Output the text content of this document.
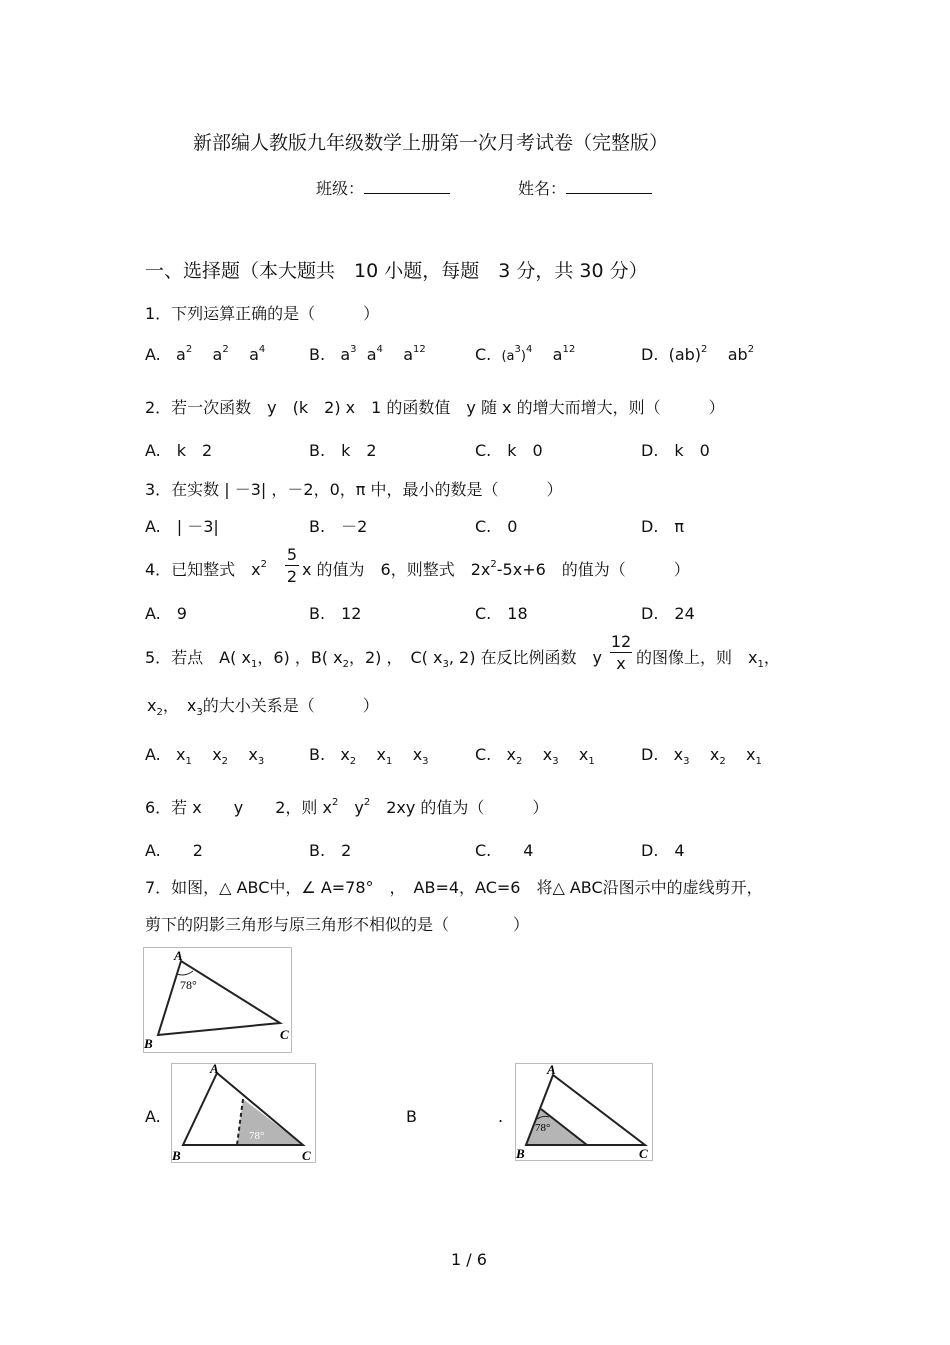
新部编人教版九年级数学上册第一次月考试卷（完整版）
班级：	姓名：
一、选择题（本大题共　10 小题，每题　3 分，共 30 分）
1．下列运算正确的是（　　　）
A. $a^2$ $a^2$ $a^4$	B. $a^3$ $a^4$ $a^{12}$	C. $(a^3)^4$ $a^{12}$	D. (ab)$^2$ $ab^2$
2．若一次函数　y　(k　2) x　1 的函数值　y 随 x 的增大而增大，则（　　　）
A.　k　2	B.　k　2	C.　k　0	D.　k　0
3．在实数 | －3| ，－2，0，π 中，最小的数是（　　　）
A.　| －3|	B.　－2	C.　0	D.　π
4．已知整式　$x^2$
5
2 x 的值为　6，则整式　$2x^2-5x+6$　的值为（　　　）
A.　9	B.　12	C.　18	D.　24
5．若点　A( $x_1$，6) ，B( $x_2$，2) ，　C( $x_3$, 2) 在反比例函数　y
12
x 的图像上，则　$x_1$，
$x_2$，　$x_3$的大小关系是（　　　）
A. $x_1$ $x_2$ $x_3$	B. $x_2$ $x_1$ $x_3$	C. $x_2$ $x_3$ $x_1$	D. $x_3$ $x_2$ $x_1$
6．若 x　　y　　2，则 $x^2$　$y^2$　2xy 的值为（　　　）
A.　　2	B.　2	C.　　4	D.　4
7．如图，△ ABC中，∠ A=78°　，　AB=4，AC=6　将△ ABC沿图示中的虚线剪开，
剪下的阴影三角形与原三角形不相似的是（　　　　）
A
B
C
78°
A.
A
B	C
78°
B	.
A
B	C
78°
1 / 6
